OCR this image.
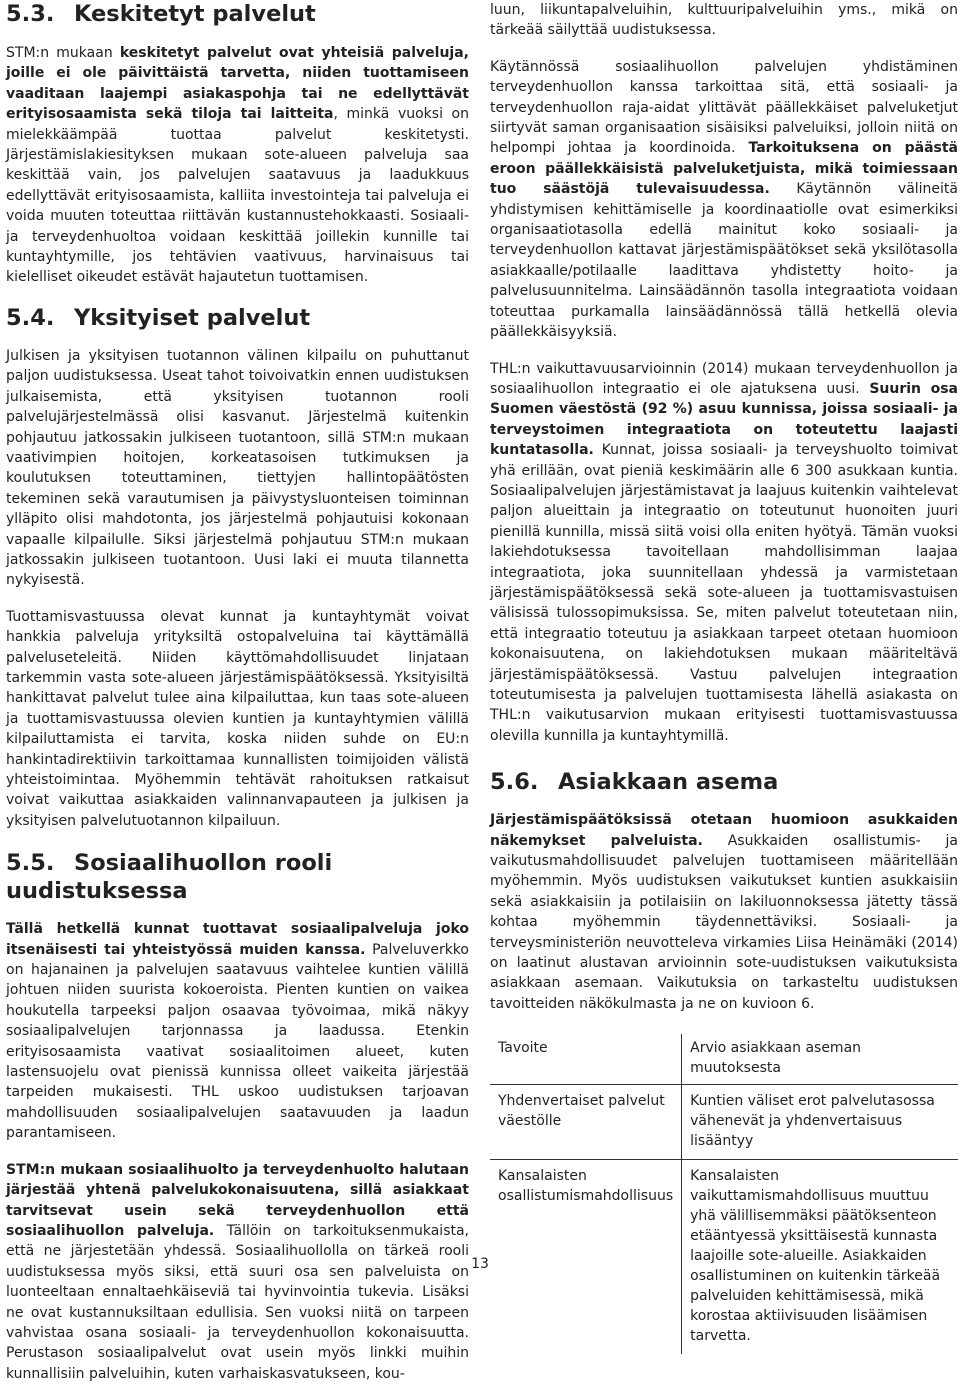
5.3. Keskitetyt palvelut

STM:n mukaan keskitetyt palvelut ovat yhteisiä palveluja, joille ei ole päivittäistä tarvetta, niiden tuottamiseen vaaditaan laajempi asiakaspohja tai ne edellyttävät erityisosaamista sekä tiloja tai laitteita, minkä vuoksi on mielekkäämpää tuottaa palvelut keskitetysti. Järjestämislakiesityksen mukaan sote-alueen palveluja saa keskittää vain, jos palvelujen saatavuus ja laadukkuus edellyttävät erityisosaamista, kalliita investointeja tai palveluja ei voida muuten toteuttaa riittävän kustannustehokkaasti. Sosiaali- ja terveydenhuoltoa voidaan keskittää joillekin kunnille tai kuntayhtymille, jos tehtävien vaativuus, harvinaisuus tai kielelliset oikeudet estävät hajautetun tuottamisen.

5.4. Yksityiset palvelut

Julkisen ja yksityisen tuotannon välinen kilpailu on puhuttanut paljon uudistuksessa. Useat tahot toivoivatkin ennen uudistuksen julkaisemista, että yksityisen tuotannon rooli palvelujärjestelmässä olisi kasvanut. Järjestelmä kuitenkin pohjautuu jatkossakin julkiseen tuotantoon, sillä STM:n mukaan vaativimpien hoitojen, korkeatasoisen tutkimuksen ja koulutuksen toteuttaminen, tiettyjen hallintopäätösten tekeminen sekä varautumisen ja päivystysluonteisen toiminnan ylläpito olisi mahdotonta, jos järjestelmä pohjautuisi kokonaan vapaalle kilpailulle. Siksi järjestelmä pohjautuu STM:n mukaan jatkossakin julkiseen tuotantoon. Uusi laki ei muuta tilannetta nykyisestä.

Tuottamisvastuussa olevat kunnat ja kuntayhtymät voivat hankkia palveluja yrityksiltä ostopalveluina tai käyttämällä palveluseteleitä. Niiden käyttömahdollisuudet linjataan tarkemmin vasta sote-alueen järjestämispäätöksessä. Yksityisiltä hankittavat palvelut tulee aina kilpailuttaa, kun taas sote-alueen ja tuottamisvastuussa olevien kuntien ja kuntayhtymien välillä kilpailuttamista ei tarvita, koska niiden suhde on EU:n hankintadirektiivin tarkoittamaa kunnallisten toimijoiden välistä yhteistoimintaa. Myöhemmin tehtävät rahoituksen ratkaisut voivat vaikuttaa asiakkaiden valinnanvapauteen ja julkisen ja yksityisen palvelutuotannon kilpailuun.

5.5. Sosiaalihuollon rooli uudistuksessa

Tällä hetkellä kunnat tuottavat sosiaalipalveluja joko itsenäisesti tai yhteistyössä muiden kanssa. Palveluverkko on hajanainen ja palvelujen saatavuus vaihtelee kuntien välillä johtuen niiden suurista kokoeroista. Pienten kuntien on vaikea houkutella tarpeeksi paljon osaavaa työvoimaa, mikä näkyy sosiaalipalvelujen tarjonnassa ja laadussa. Etenkin erityisosaamista vaativat sosiaalitoimen alueet, kuten lastensuojelu ovat pienissä kunnissa olleet vaikeita järjestää tarpeiden mukaisesti. THL uskoo uudistuksen tarjoavan mahdollisuuden sosiaalipalvelujen saatavuuden ja laadun parantamiseen.

STM:n mukaan sosiaalihuolto ja terveydenhuolto halutaan järjestää yhtenä palvelukokonaisuutena, sillä asiakkaat tarvitsevat usein sekä terveydenhuollon että sosiaalihuollon palveluja. Tällöin on tarkoituksenmukaista, että ne järjestetään yhdessä. Sosiaalihuollolla on tärkeä rooli uudistuksessa myös siksi, että suuri osa sen palveluista on luonteeltaan ennaltaehkäiseviä tai hyvinvointia tukevia. Lisäksi ne ovat kustannuksiltaan edullisia. Sen vuoksi niitä on tarpeen vahvistaa osana sosiaali- ja terveydenhuollon kokonaisuutta. Perustason sosiaalipalvelut ovat usein myös linkki muihin kunnallisiin palveluihin, kuten varhaiskasvatukseen, kou-

luun, liikuntapalveluihin, kulttuuripalveluihin yms., mikä on tärkeää säilyttää uudistuksessa.

Käytännössä sosiaalihuollon palvelujen yhdistäminen terveydenhuollon kanssa tarkoittaa sitä, että sosiaali- ja terveydenhuollon raja-aidat ylittävät päällekkäiset palveluketjut siirtyvät saman organisaation sisäisiksi palveluiksi, jolloin niitä on helpompi johtaa ja koordinoida. Tarkoituksena on päästä eroon päällekkäisistä palveluketjuista, mikä toimiessaan tuo säästöjä tulevaisuudessa. Käytännön välineitä yhdistymisen kehittämiselle ja koordinaatiolle ovat esimerkiksi organisaatiotasolla edellä mainitut koko sosiaali- ja terveydenhuollon kattavat järjestämispäätökset sekä yksilötasolla asiakkaalle/potilaalle laadittava yhdistetty hoito- ja palvelusuunnitelma. Lainsäädännön tasolla integraatiota voidaan toteuttaa purkamalla lainsäädännössä tällä hetkellä olevia päällekkäisyyksiä.

THL:n vaikuttavuusarvioinnin (2014) mukaan terveydenhuollon ja sosiaalihuollon integraatio ei ole ajatuksena uusi. Suurin osa Suomen väestöstä (92 %) asuu kunnissa, joissa sosiaali- ja terveystoimen integraatiota on toteutettu laajasti kuntatasolla. Kunnat, joissa sosiaali- ja terveyshuolto toimivat yhä erillään, ovat pieniä keskimäärin alle 6 300 asukkaan kuntia. Sosiaalipalvelujen järjestämistavat ja laajuus kuitenkin vaihtelevat paljon alueittain ja integraatio on toteutunut huonoiten juuri pienillä kunnilla, missä siitä voisi olla eniten hyötyä. Tämän vuoksi lakiehdotuksessa tavoitellaan mahdollisimman laajaa integraatiota, joka suunnitellaan yhdessä ja varmistetaan järjestämispäätöksessä sekä sote-alueen ja tuottamisvastuisen välisissä tulossopimuksissa. Se, miten palvelut toteutetaan niin, että integraatio toteutuu ja asiakkaan tarpeet otetaan huomioon kokonaisuutena, on lakiehdotuksen mukaan määriteltävä järjestämispäätöksessä. Vastuu palvelujen integraation toteutumisesta ja palvelujen tuottamisesta lähellä asiakasta on THL:n vaikutusarvion mukaan erityisesti tuottamisvastuussa olevilla kunnilla ja kuntayhtymillä.

5.6. Asiakkaan asema

Järjestämispäätöksissä otetaan huomioon asukkaiden näkemykset palveluista. Asukkaiden osallistumis- ja vaikutusmahdollisuudet palvelujen tuottamiseen määritellään myöhemmin. Myös uudistuksen vaikutukset kuntien asukkaisiin sekä asiakkaisiin ja potilaisiin on lakiluonnoksessa jätetty tässä kohtaa myöhemmin täydennettäviksi. Sosiaali- ja terveysministeriön neuvotteleva virkamies Liisa Heinämäki (2014) on laatinut alustavan arvioinnin sote-uudistuksen vaikutuksista asiakkaan asemaan. Vaikutuksia on tarkasteltu uudistuksen tavoitteiden näkökulmasta ja ne on kuvioon 6.

Tavoite	Arvio asiakkaan aseman muutoksesta
Yhdenvertaiset palvelut väestölle	Kuntien väliset erot palvelutasossa vähenevät ja yhdenvertaisuus lisääntyy
Kansalaisten osallistumismahdollisuus	Kansalaisten vaikuttamismahdollisuus muuttuu yhä välillisemmäksi päätöksenteon etääntyessä yksittäisestä kunnasta laajoille sote-alueille. Asiakkaiden osallistuminen on kuitenkin tärkeää palveluiden kehittämisessä, mikä korostaa aktiivisuuden lisäämisen tarvetta.
13
